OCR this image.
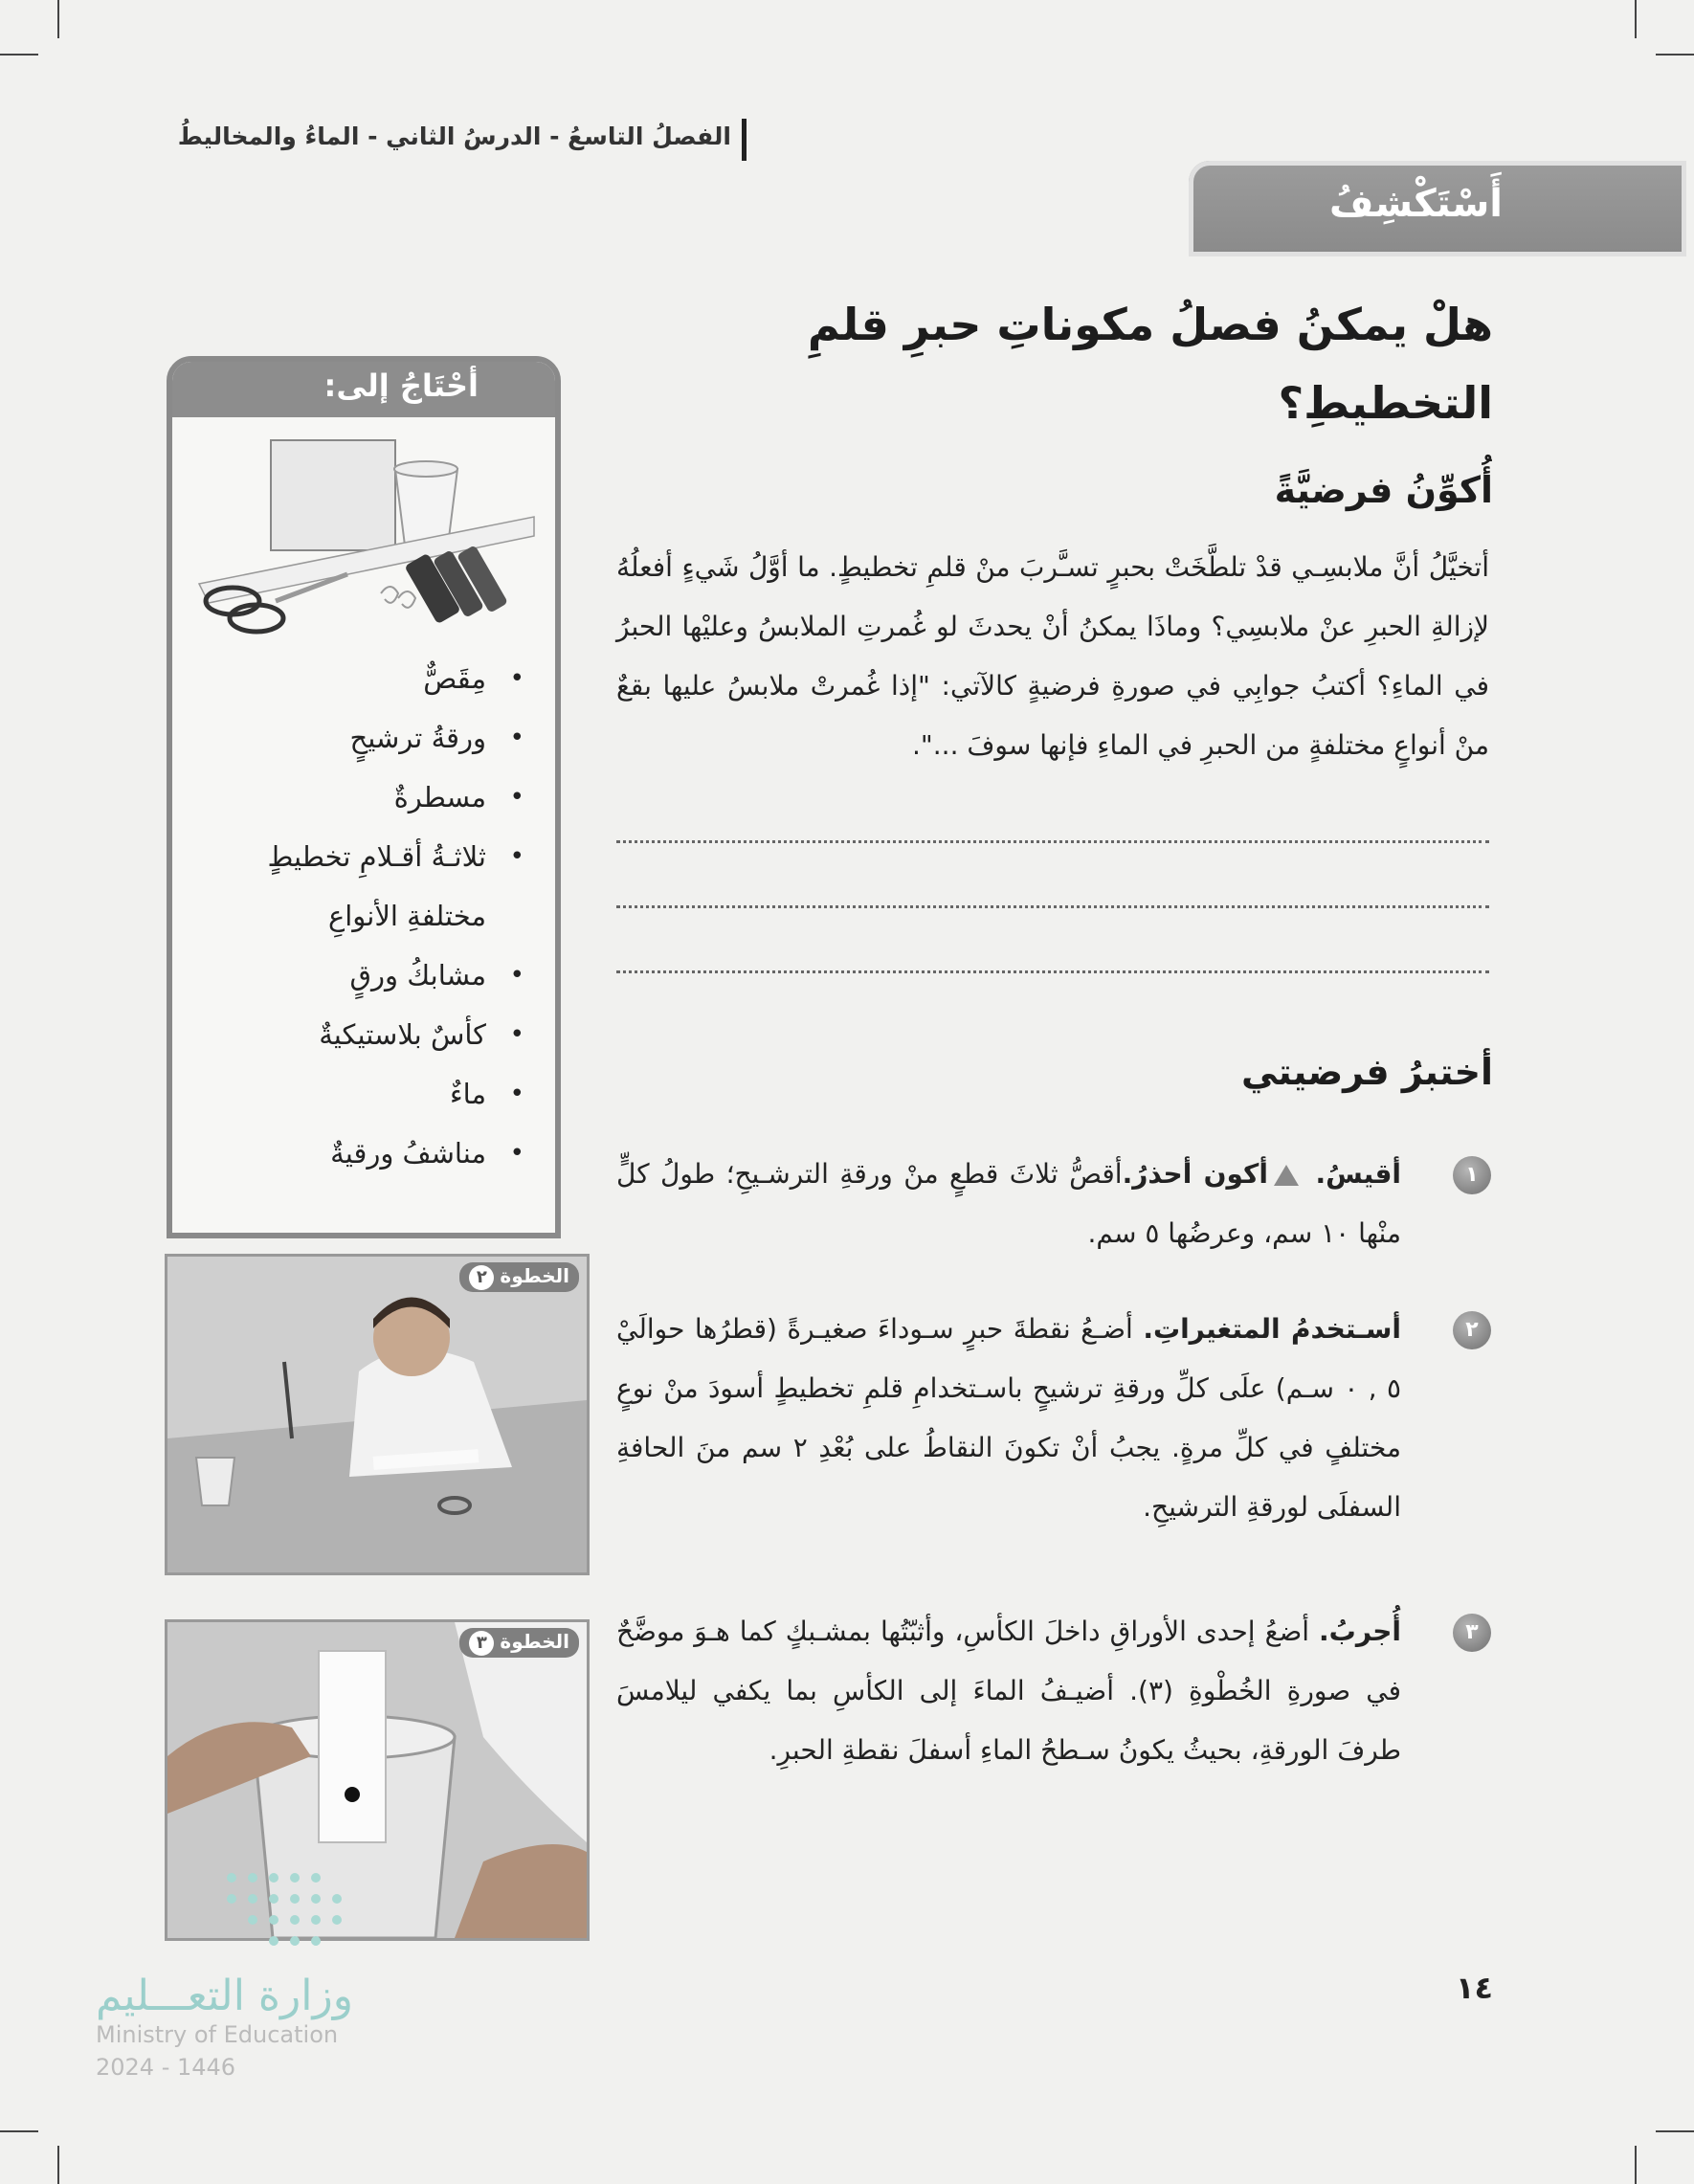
الفصلُ التاسعُ - الدرسُ الثاني - الماءُ والمخاليطُ
أَسْتَكْشِفُ
هلْ يمكنُ فصلُ مكوناتِ حبرِ قلمِ
التخطيطِ؟
أُكوِّنُ فرضيَّةً
أتخيَّلُ أنَّ ملابسِـي قدْ تلطَّخَتْ بحبرٍ تسـَّربَ منْ قلمِ تخطيطٍ. ما أوَّلُ شَيءٍ أفعلُهُ لإزالةِ الحبرِ عنْ ملابسِي؟ وماذَا يمكنُ أنْ يحدثَ لو غُمرتِ الملابسُ وعليْها الحبرُ في الماءِ؟ أكتبُ جوابِي في صورةِ فرضيةٍ كالآتي: "إذا غُمرتْ ملابسُ عليها بقعٌ منْ أنواعٍ مختلفةٍ من الحبرِ في الماءِ فإنها سوفَ ...".
أختبرُ فرضيتي
١
أقيسُ. أكون أحذرُ.أقصُّ ثلاثَ قطعٍ منْ ورقةِ الترشـيحِ؛ طولُ كلٍّ منْها ١٠ سم، وعرضُها ٥ سم.
٢
أسـتخدمُ المتغيراتِ. أضـعُ نقطةَ حبرٍ سـوداءَ صغيـرةً (قطرُها حوالَيْ ٥ , ٠ سـم) علَى كلِّ ورقةِ ترشيحٍ باسـتخدامِ قلمِ تخطيطٍ أسودَ منْ نوعٍ مختلفٍ في كلِّ مرةٍ. يجبُ أنْ تكونَ النقاطُ على بُعْدِ ٢ سم منَ الحافةِ السفلَى لورقةِ الترشيحِ.
٣
أُجربُ. أضعُ إحدى الأوراقِ داخلَ الكأسِ، وأثبّتُها بمشـبكٍ كما هـوَ موضَّحٌ في صورةِ الخُطْوةِ (٣). أضيـفُ الماءَ إلى الكأسِ بما يكفي ليلامسَ طرفَ الورقةِ، بحيثُ يكونُ سـطحُ الماءِ أسفلَ نقطةِ الحبرِ.
أحْتَاجُ إلى:
• مِقَصٌّ
• ورقةُ ترشيحٍ
• مسطرةٌ
• ثلاثـةُ أقـلامِ تخطيطٍ مختلفةِ الأنواعِ
• مشابكُ ورقٍ
• كأسٌ بلاستيكيةٌ
• ماءٌ
• مناشفُ ورقيةٌ
الخطوة٢
الخطوة٣
١٤
وزارة التعـــليم
Ministry of Education
2024 - 1446
